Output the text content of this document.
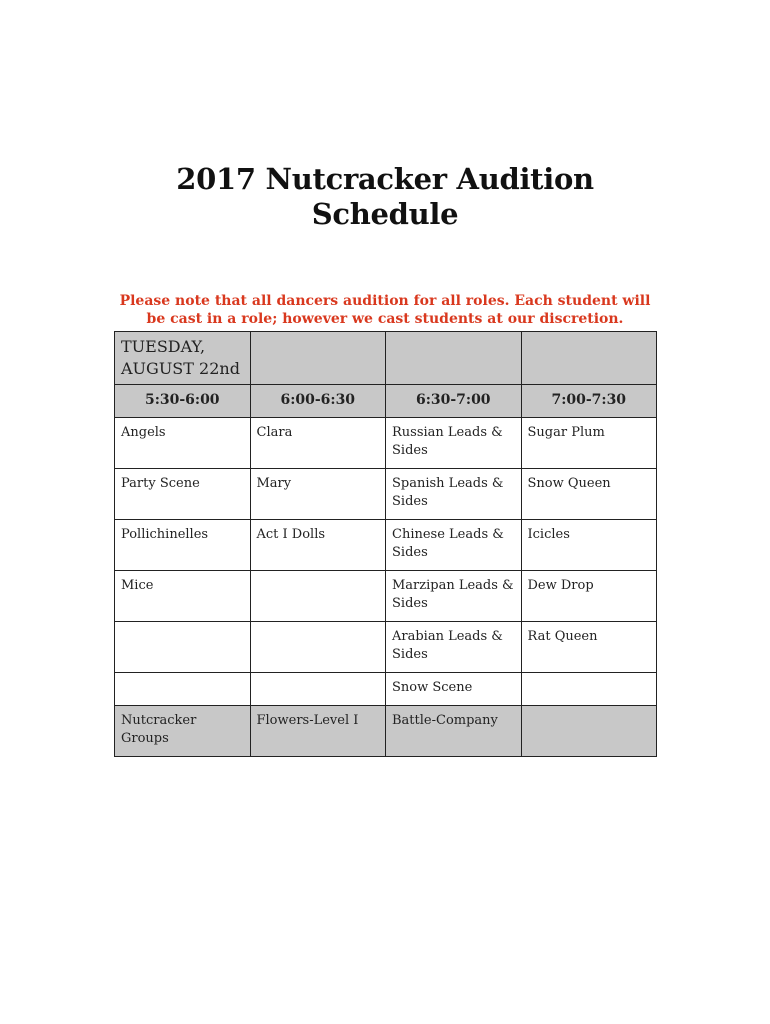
2017 Nutcracker Audition
Schedule
Please note that all dancers audition for all roles. Each student will
be cast in a role; however we cast students at our discretion.
TUESDAY,
AUGUST 22nd			

5:30-6:00	6:00-6:30	6:30-7:00	7:00-7:30
Angels	Clara	Russian Leads & Sides	Sugar Plum
Party Scene	Mary	Spanish Leads & Sides	Snow Queen
Pollichinelles	Act I Dolls	Chinese Leads & Sides	Icicles
Mice		Marzipan Leads & Sides	Dew Drop
		Arabian Leads & Sides	Rat Queen
		Snow Scene	
Nutcracker Groups	Flowers-Level I	Battle-Company	
